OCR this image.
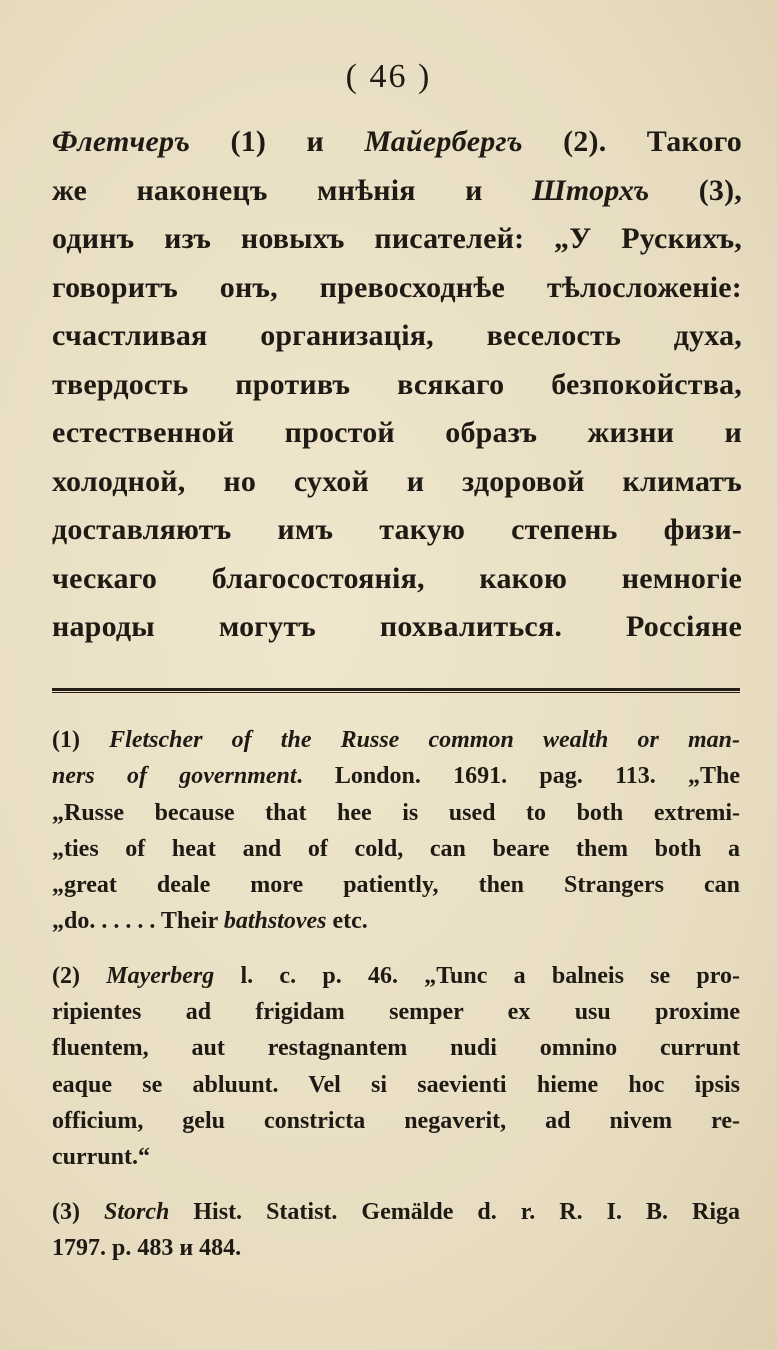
( 46 )
Флетчеръ (1) и Майербергъ (2). Такого
же наконецъ мнѣнія и Шторхъ (3),
одинъ изъ новыхъ писателей: „У Рускихъ,
говоритъ онъ, превосходнѣе тѣлосложеніе:
счастливая организація, веселость духа,
твердость противъ всякаго безпокойства,
естественной простой образъ жизни и
холодной, но сухой и здоровой климатъ
доставляютъ имъ такую степень физи-
ческаго благосостоянія, какою немногіе
народы могутъ похвалиться. Россіяне
(1) Fletscher of the Russe common wealth or man-
ners of government. London. 1691. pag. 113. „The
„Russe because that hee is used to both extremi-
„ties of heat and of cold, can beare them both a
„great deale more patiently, then Strangers can
„do. . . . . . Their bathstoves etc.
(2) Mayerberg l. c. p. 46. „Tunc a balneis se pro-
ripientes ad frigidam semper ex usu proxime
fluentem, aut restagnantem nudi omnino currunt
eaque se abluunt. Vel si saevienti hieme hoc ipsis
officium, gelu constricta negaverit, ad nivem re-
currunt.“
(3) Storch Hist. Statist. Gemälde d. r. R. I. B. Riga
1797. p. 483 и 484.
